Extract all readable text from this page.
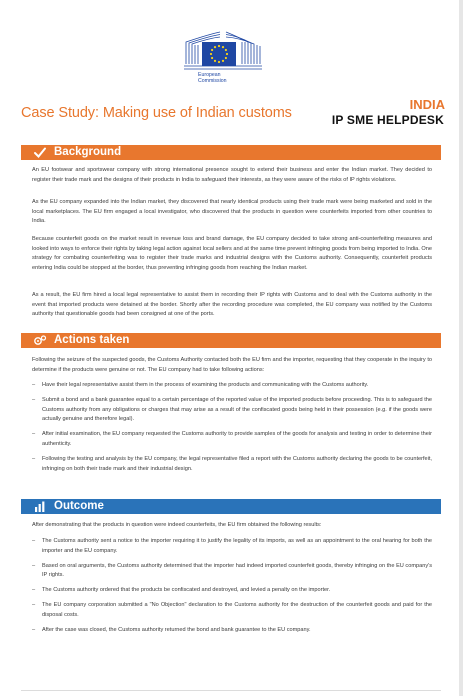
European
Commission
Case Study: Making use of Indian customs
INDIA
IP SME HELPDESK
Background

An EU footwear and sportswear company with strong international presence sought to extend their business and enter the Indian market. They decided to register their trade mark and the designs of their products in India to safeguard their interests, as they were aware of the risks of IP rights violations.

As the EU company expanded into the Indian market, they discovered that nearly identical products using their trade mark were being marketed and sold in the local marketplaces. The EU firm engaged a local investigator, who discovered that the products in question were counterfeits imported from other countries to India.

Because counterfeit goods on the market result in revenue loss and brand damage, the EU company decided to take strong anti-counterfeiting measures and looked into ways to enforce their rights by taking legal action against local sellers and at the same time prevent infringing goods from being imported to India. One strategy for combating counterfeiting was to register their trade marks and industrial designs with the Customs authority. Consequently, counterfeit products entering India could be stopped at the border, thus preventing infringing goods from reaching the Indian market.

As a result, the EU firm hired a local legal representative to assist them in recording their IP rights with Customs and to deal with the Customs authority in the event that imported products were detained at the border. Shortly after the recording procedure was completed, the EU company was notified by the Customs authority that questionable goods had been consigned at one of the ports.

Actions taken

Following the seizure of the suspected goods, the Customs Authority contacted both the EU firm and the importer, requesting that they cooperate in the inquiry to determine if the products were genuine or not. The EU company had to take following actions:

– Have their legal representative assist them in the process of examining the products and communicating with the Customs authority.
– Submit a bond and a bank guarantee equal to a certain percentage of the reported value of the imported products before proceeding. This is to safeguard the Customs authority from any obligations or charges that may arise as a result of the confiscated goods being held in their possession (e.g. if the goods were actually genuine and therefore legal).
– After initial examination, the EU company requested the Customs authority to provide samples of the goods for analysis and testing in order to determine their authenticity.
– Following the testing and analysis by the EU company, the legal representative filed a report with the Customs authority declaring the goods to be counterfeit, infringing on both their trade mark and their industrial design.
Outcome

After demonstrating that the products in question were indeed counterfeits, the EU firm obtained the following results:

– The Customs authority sent a notice to the importer requiring it to justify the legality of its imports, as well as an appointment to the oral hearing for both the importer and the EU company.
– Based on oral arguments, the Customs authority determined that the importer had indeed imported counterfeit goods, thereby infringing on the EU company's IP rights.
– The Customs authority ordered that the products be confiscated and destroyed, and levied a penalty on the importer.
– The EU company corporation submitted a "No Objection" declaration to the Customs authority for the destruction of the counterfeit goods and paid for the disposal costs.
– After the case was closed, the Customs authority returned the bond and bank guarantee to the EU company.
